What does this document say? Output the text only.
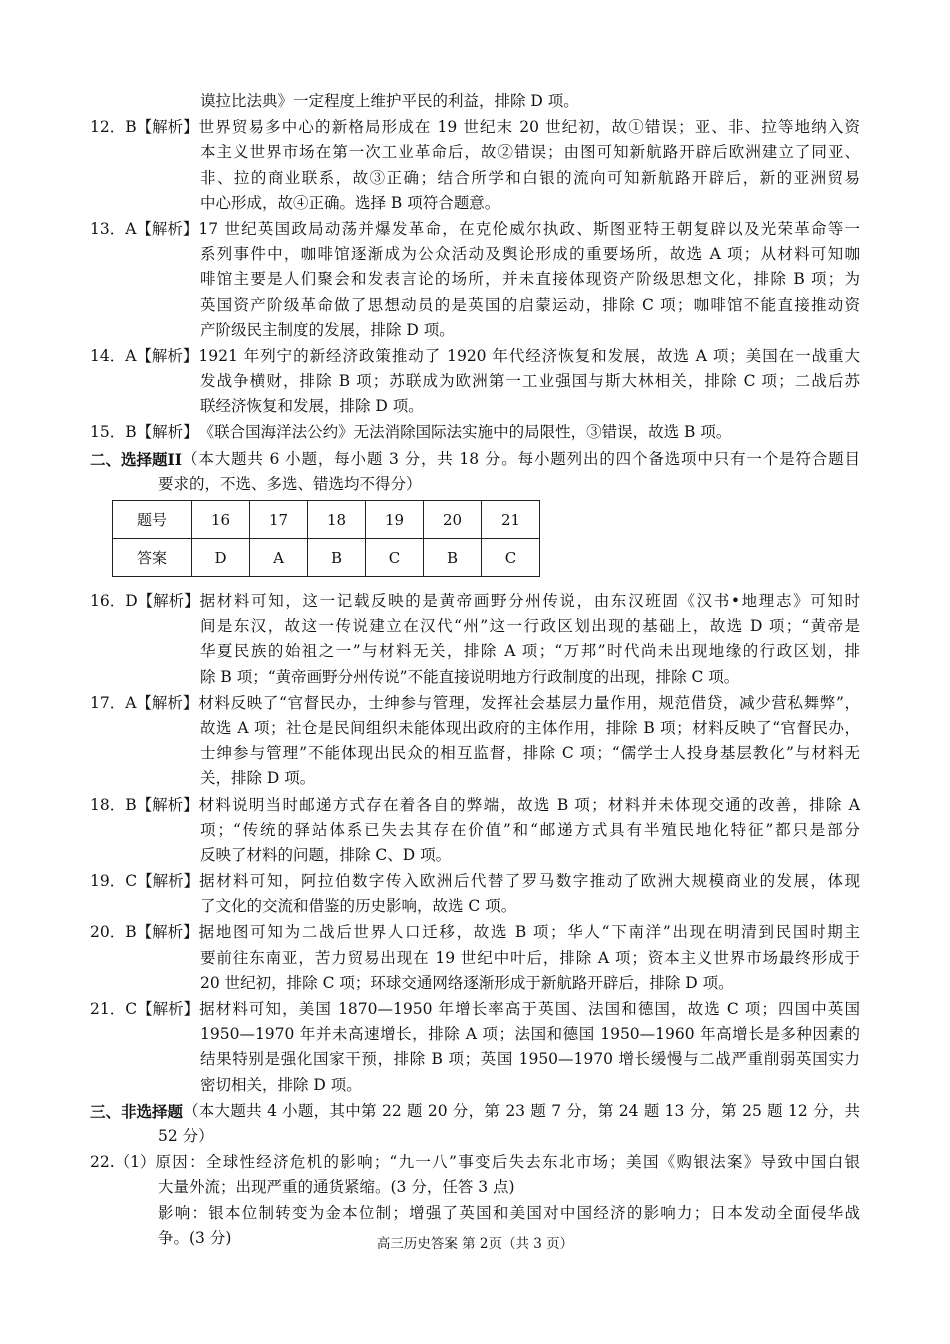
谟拉比法典》一定程度上维护平民的利益，排除 D 项。
12．B【解析】 世界贸易多中心的新格局形成在 19 世纪末 20 世纪初，故①错误；亚、非、拉等地纳入资
本主义世界市场在第一次工业革命后，故②错误；由图可知新航路开辟后欧洲建立了同亚、
非、拉的商业联系，故③正确；结合所学和白银的流向可知新航路开辟后，新的亚洲贸易
中心形成，故④正确。选择 B 项符合题意。
13．A【解析】 17 世纪英国政局动荡并爆发革命，在克伦威尔执政、斯图亚特王朝复辟以及光荣革命等一
系列事件中，咖啡馆逐渐成为公众活动及舆论形成的重要场所，故选 A 项；从材料可知咖
啡馆主要是人们聚会和发表言论的场所，并未直接体现资产阶级思想文化，排除 B 项；为
英国资产阶级革命做了思想动员的是英国的启蒙运动，排除 C 项；咖啡馆不能直接推动资
产阶级民主制度的发展，排除 D 项。
14．A【解析】 1921 年列宁的新经济政策推动了 1920 年代经济恢复和发展，故选 A 项；美国在一战重大
发战争横财，排除 B 项；苏联成为欧洲第一工业强国与斯大林相关，排除 C 项；二战后苏
联经济恢复和发展，排除 D 项。
15．B【解析】 《联合国海洋法公约》无法消除国际法实施中的局限性，③错误，故选 B 项。
二、选择题II （本大题共 6 小题，每小题 3 分，共 18 分。每小题列出的四个备选项中只有一个是符合题目
要求的，不选、多选、错选均不得分）
题号	16	17	18	19	20	21
答案	D	A	B	C	B	C
16．D【解析】 据材料可知，这一记载反映的是黄帝画野分州传说，由东汉班固《汉书•地理志》可知时
间是东汉，故这一传说建立在汉代“州”这一行政区划出现的基础上，故选 D 项；“黄帝是
华夏民族的始祖之一”与材料无关，排除 A 项；“万邦”时代尚未出现地缘的行政区划，排
除 B 项；“黄帝画野分州传说”不能直接说明地方行政制度的出现，排除 C 项。
17．A【解析】 材料反映了“官督民办，士绅参与管理，发挥社会基层力量作用，规范借贷，减少营私舞弊”，
故选 A 项；社仓是民间组织未能体现出政府的主体作用，排除 B 项；材料反映了“官督民办，
士绅参与管理”不能体现出民众的相互监督，排除 C 项；“儒学士人投身基层教化”与材料无
关，排除 D 项。
18．B【解析】 材料说明当时邮递方式存在着各自的弊端，故选 B 项；材料并未体现交通的改善，排除 A
项；“传统的驿站体系已失去其存在价值”和“邮递方式具有半殖民地化特征”都只是部分
反映了材料的问题，排除 C、D 项。
19．C【解析】 据材料可知，阿拉伯数字传入欧洲后代替了罗马数字推动了欧洲大规模商业的发展，体现
了文化的交流和借鉴的历史影响，故选 C 项。
20．B【解析】 据地图可知为二战后世界人口迁移，故选 B 项；华人“下南洋”出现在明清到民国时期主
要前往东南亚，苦力贸易出现在 19 世纪中叶后，排除 A 项；资本主义世界市场最终形成于
20 世纪初，排除 C 项；环球交通网络逐渐形成于新航路开辟后，排除 D 项。
21．C【解析】 据材料可知，美国 1870—1950 年增长率高于英国、法国和德国，故选 C 项；四国中英国
1950—1970 年并未高速增长，排除 A 项；法国和德国 1950—1960 年高增长是多种因素的
结果特别是强化国家干预，排除 B 项；英国 1950—1970 增长缓慢与二战严重削弱英国实力
密切相关，排除 D 项。
三、非选择题 （本大题共 4 小题，其中第 22 题 20 分，第 23 题 7 分，第 24 题 13 分，第 25 题 12 分，共
52 分）
22.（1） 原因：全球性经济危机的影响；“九一八”事变后失去东北市场；美国《购银法案》导致中国白银
大量外流；出现严重的通货紧缩。(3 分，任答 3 点)
影响：银本位制转变为金本位制；增强了英国和美国对中国经济的影响力；日本发动全面侵华战
争。(3 分)	高三历史答案 第 2页（共 3 页）
